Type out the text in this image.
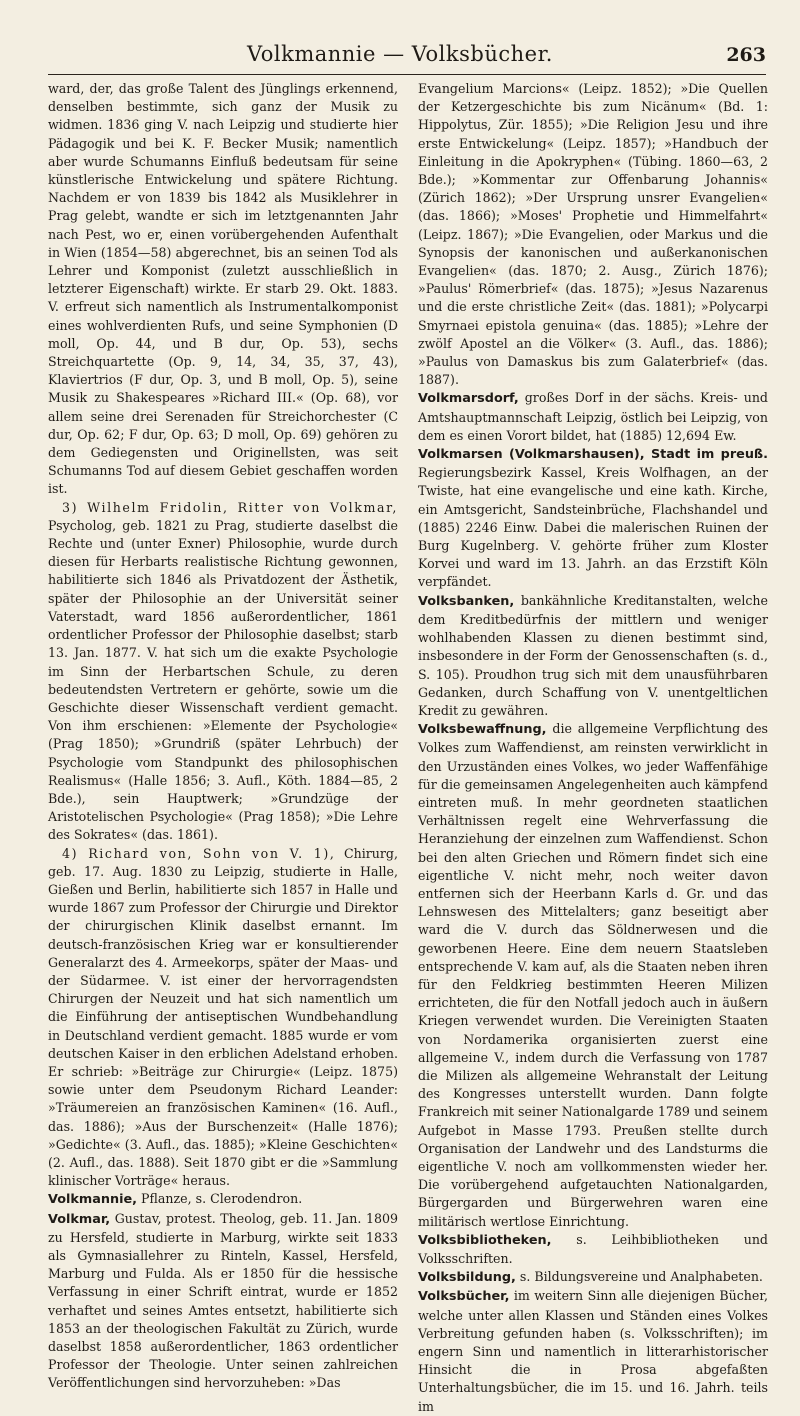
Volkmannie — Volksbücher.	263

ward, der, das große Talent des Jünglings erkennend, denselben bestimmte, sich ganz der Musik zu widmen. 1836 ging V. nach Leipzig und studierte hier Pädagogik und bei K. F. Becker Musik; namentlich aber wurde Schumanns Einfluß bedeutsam für seine künstlerische Entwickelung und spätere Richtung. Nachdem er von 1839 bis 1842 als Musiklehrer in Prag gelebt, wandte er sich im letztgenannten Jahr nach Pest, wo er, einen vorübergehenden Aufenthalt in Wien (1854—58) abgerechnet, bis an seinen Tod als Lehrer und Komponist (zuletzt ausschließlich in letzterer Eigenschaft) wirkte. Er starb 29. Okt. 1883. V. erfreut sich namentlich als Instrumentalkomponist eines wohlverdienten Rufs, und seine Symphonien (D moll, Op. 44, und B dur, Op. 53), sechs Streichquartette (Op. 9, 14, 34, 35, 37, 43), Klaviertrios (F dur, Op. 3, und B moll, Op. 5), seine Musik zu Shakespeares »Richard III.« (Op. 68), vor allem seine drei Serenaden für Streichorchester (C dur, Op. 62; F dur, Op. 63; D moll, Op. 69) gehören zu dem Gediegensten und Originellsten, was seit Schumanns Tod auf diesem Gebiet geschaffen worden ist.

3) Wilhelm Fridolin, Ritter von Volkmar, Psycholog, geb. 1821 zu Prag, studierte daselbst die Rechte und (unter Exner) Philosophie, wurde durch diesen für Herbarts realistische Richtung gewonnen, habilitierte sich 1846 als Privatdozent der Ästhetik, später der Philosophie an der Universität seiner Vaterstadt, ward 1856 außerordentlicher, 1861 ordentlicher Professor der Philosophie daselbst; starb 13. Jan. 1877. V. hat sich um die exakte Psychologie im Sinn der Herbartschen Schule, zu deren bedeutendsten Vertretern er gehörte, sowie um die Geschichte dieser Wissenschaft verdient gemacht. Von ihm erschienen: »Elemente der Psychologie« (Prag 1850); »Grundriß (später Lehrbuch) der Psychologie vom Standpunkt des philosophischen Realismus« (Halle 1856; 3. Aufl., Köth. 1884—85, 2 Bde.), sein Hauptwerk; »Grundzüge der Aristotelischen Psychologie« (Prag 1858); »Die Lehre des Sokrates« (das. 1861).

4) Richard von, Sohn von V. 1), Chirurg, geb. 17. Aug. 1830 zu Leipzig, studierte in Halle, Gießen und Berlin, habilitierte sich 1857 in Halle und wurde 1867 zum Professor der Chirurgie und Direktor der chirurgischen Klinik daselbst ernannt. Im deutsch-französischen Krieg war er konsultierender Generalarzt des 4. Armeekorps, später der Maas- und der Südarmee. V. ist einer der hervorragendsten Chirurgen der Neuzeit und hat sich namentlich um die Einführung der antiseptischen Wundbehandlung in Deutschland verdient gemacht. 1885 wurde er vom deutschen Kaiser in den erblichen Adelstand erhoben. Er schrieb: »Beiträge zur Chirurgie« (Leipz. 1875) sowie unter dem Pseudonym Richard Leander: »Träumereien an französischen Kaminen« (16. Aufl., das. 1886); »Aus der Burschenzeit« (Halle 1876); »Gedichte« (3. Aufl., das. 1885); »Kleine Geschichten« (2. Aufl., das. 1888). Seit 1870 gibt er die »Sammlung klinischer Vorträge« heraus.

Volkmannie, Pflanze, s. Clerodendron.

Volkmar, Gustav, protest. Theolog, geb. 11. Jan. 1809 zu Hersfeld, studierte in Marburg, wirkte seit 1833 als Gymnasiallehrer zu Rinteln, Kassel, Hersfeld, Marburg und Fulda. Als er 1850 für die hessische Verfassung in einer Schrift eintrat, wurde er 1852 verhaftet und seines Amtes entsetzt, habilitierte sich 1853 an der theologischen Fakultät zu Zürich, wurde daselbst 1858 außerordentlicher, 1863 ordentlicher Professor der Theologie. Unter seinen zahlreichen Veröffentlichungen sind hervorzuheben: »Das

Evangelium Marcions« (Leipz. 1852); »Die Quellen der Ketzergeschichte bis zum Nicänum« (Bd. 1: Hippolytus, Zür. 1855); »Die Religion Jesu und ihre erste Entwickelung« (Leipz. 1857); »Handbuch der Einleitung in die Apokryphen« (Tübing. 1860—63, 2 Bde.); »Kommentar zur Offenbarung Johannis« (Zürich 1862); »Der Ursprung unsrer Evangelien« (das. 1866); »Moses' Prophetie und Himmelfahrt« (Leipz. 1867); »Die Evangelien, oder Markus und die Synopsis der kanonischen und außerkanonischen Evangelien« (das. 1870; 2. Ausg., Zürich 1876); »Paulus' Römerbrief« (das. 1875); »Jesus Nazarenus und die erste christliche Zeit« (das. 1881); »Polycarpi Smyrnaei epistola genuina« (das. 1885); »Lehre der zwölf Apostel an die Völker« (3. Aufl., das. 1886); »Paulus von Damaskus bis zum Galaterbrief« (das. 1887).

Volkmarsdorf, großes Dorf in der sächs. Kreis- und Amtshauptmannschaft Leipzig, östlich bei Leipzig, von dem es einen Vorort bildet, hat (1885) 12,694 Ew.

Volkmarsen (Volkmarshausen), Stadt im preuß. Regierungsbezirk Kassel, Kreis Wolfhagen, an der Twiste, hat eine evangelische und eine kath. Kirche, ein Amtsgericht, Sandsteinbrüche, Flachshandel und (1885) 2246 Einw. Dabei die malerischen Ruinen der Burg Kugelnberg. V. gehörte früher zum Kloster Korvei und ward im 13. Jahrh. an das Erzstift Köln verpfändet.

Volksbanken, bankähnliche Kreditanstalten, welche dem Kreditbedürfnis der mittlern und weniger wohlhabenden Klassen zu dienen bestimmt sind, insbesondere in der Form der Genossenschaften (s. d., S. 105). Proudhon trug sich mit dem unausführbaren Gedanken, durch Schaffung von V. unentgeltlichen Kredit zu gewähren.

Volksbewaffnung, die allgemeine Verpflichtung des Volkes zum Waffendienst, am reinsten verwirklicht in den Urzuständen eines Volkes, wo jeder Waffenfähige für die gemeinsamen Angelegenheiten auch kämpfend eintreten muß. In mehr geordneten staatlichen Verhältnissen regelt eine Wehrverfassung die Heranziehung der einzelnen zum Waffendienst. Schon bei den alten Griechen und Römern findet sich eine eigentliche V. nicht mehr, noch weiter davon entfernen sich der Heerbann Karls d. Gr. und das Lehnswesen des Mittelalters; ganz beseitigt aber ward die V. durch das Söldnerwesen und die geworbenen Heere. Eine dem neuern Staatsleben entsprechende V. kam auf, als die Staaten neben ihren für den Feldkrieg bestimmten Heeren Milizen errichteten, die für den Notfall jedoch auch in äußern Kriegen verwendet wurden. Die Vereinigten Staaten von Nordamerika organisierten zuerst eine allgemeine V., indem durch die Verfassung von 1787 die Milizen als allgemeine Wehranstalt der Leitung des Kongresses unterstellt wurden. Dann folgte Frankreich mit seiner Nationalgarde 1789 und seinem Aufgebot in Masse 1793. Preußen stellte durch Organisation der Landwehr und des Landsturms die eigentliche V. noch am vollkommensten wieder her. Die vorübergehend aufgetauchten Nationalgarden, Bürgergarden und Bürgerwehren waren eine militärisch wertlose Einrichtung.

Volksbibliotheken, s. Leihbibliotheken und Volksschriften.

Volksbildung, s. Bildungsvereine und Analphabeten.

Volksbücher, im weitern Sinn alle diejenigen Bücher, welche unter allen Klassen und Ständen eines Volkes Verbreitung gefunden haben (s. Volksschriften); im engern Sinn und namentlich in litterarhistorischer Hinsicht die in Prosa abgefaßten Unterhaltungsbücher, die im 15. und 16. Jahrh. teils im
